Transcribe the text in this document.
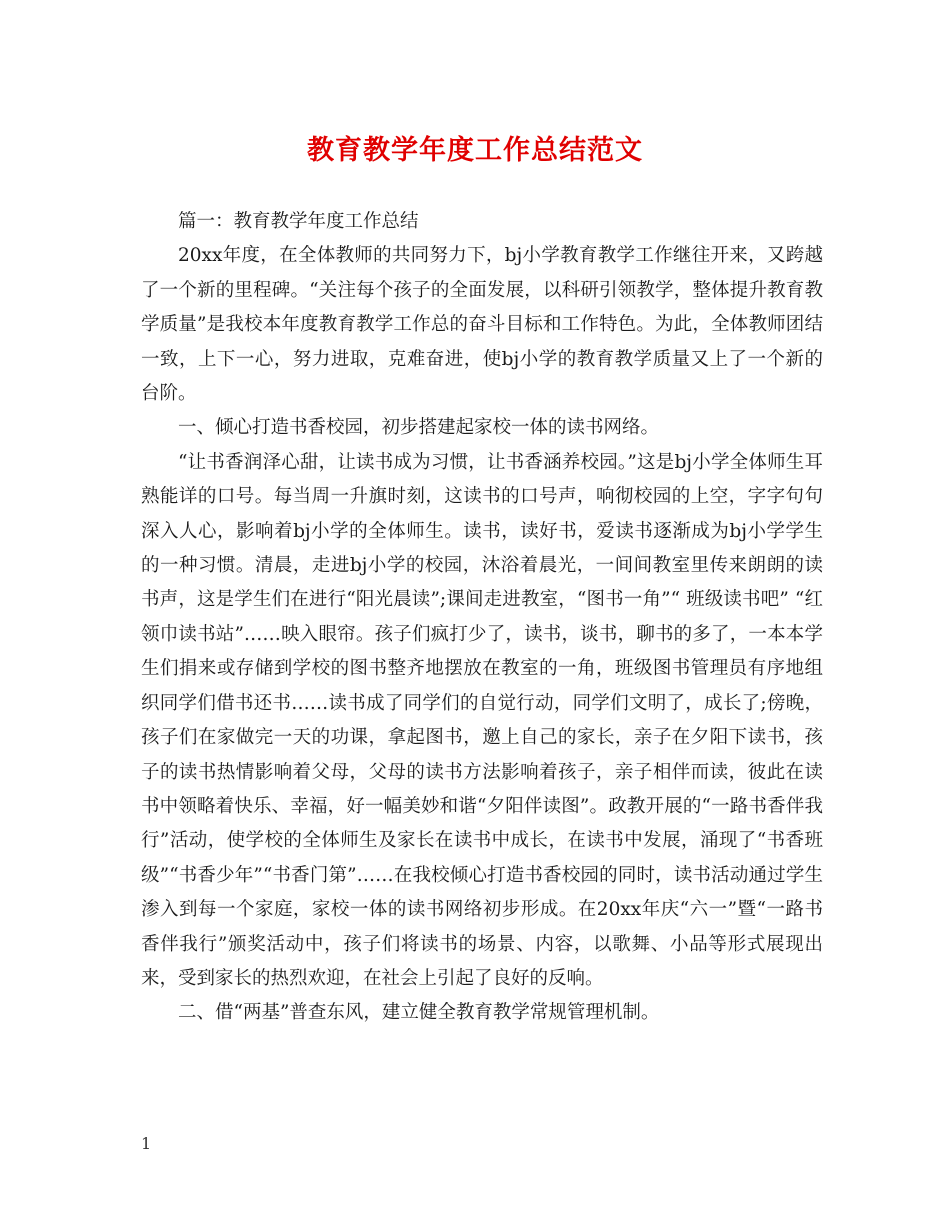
教育教学年度工作总结范文

篇一：教育教学年度工作总结

20xx年度，在全体教师的共同努力下，bj小学教育教学工作继往开来，又跨越了一个新的里程碑。“关注每个孩子的全面发展，以科研引领教学，整体提升教育教学质量”是我校本年度教育教学工作总的奋斗目标和工作特色。为此，全体教师团结一致，上下一心，努力进取，克难奋进，使bj小学的教育教学质量又上了一个新的台阶。

一、倾心打造书香校园，初步搭建起家校一体的读书网络。

“让书香润泽心甜，让读书成为习惯，让书香涵养校园。”这是bj小学全体师生耳熟能详的口号。每当周一升旗时刻，这读书的口号声，响彻校园的上空，字字句句深入人心，影响着bj小学的全体师生。读书，读好书，爱读书逐渐成为bj小学学生的一种习惯。清晨，走进bj小学的校园，沐浴着晨光，一间间教室里传来朗朗的读书声，这是学生们在进行“阳光晨读”;课间走进教室，“图书一角”“ 班级读书吧” “红领巾读书站”……映入眼帘。孩子们疯打少了，读书，谈书，聊书的多了，一本本学生们捐来或存储到学校的图书整齐地摆放在教室的一角，班级图书管理员有序地组织同学们借书还书……读书成了同学们的自觉行动，同学们文明了，成长了;傍晚，孩子们在家做完一天的功课，拿起图书，邀上自己的家长，亲子在夕阳下读书，孩子的读书热情影响着父母，父母的读书方法影响着孩子，亲子相伴而读，彼此在读书中领略着快乐、幸福，好一幅美妙和谐“夕阳伴读图”。政教开展的“一路书香伴我行”活动，使学校的全体师生及家长在读书中成长，在读书中发展，涌现了“书香班级”“书香少年”“书香门第”……在我校倾心打造书香校园的同时，读书活动通过学生渗入到每一个家庭，家校一体的读书网络初步形成。在20xx年庆“六一”暨“一路书香伴我行”颁奖活动中，孩子们将读书的场景、内容，以歌舞、小品等形式展现出来，受到家长的热烈欢迎，在社会上引起了良好的反响。

二、借“两基”普查东风，建立健全教育教学常规管理机制。

1
